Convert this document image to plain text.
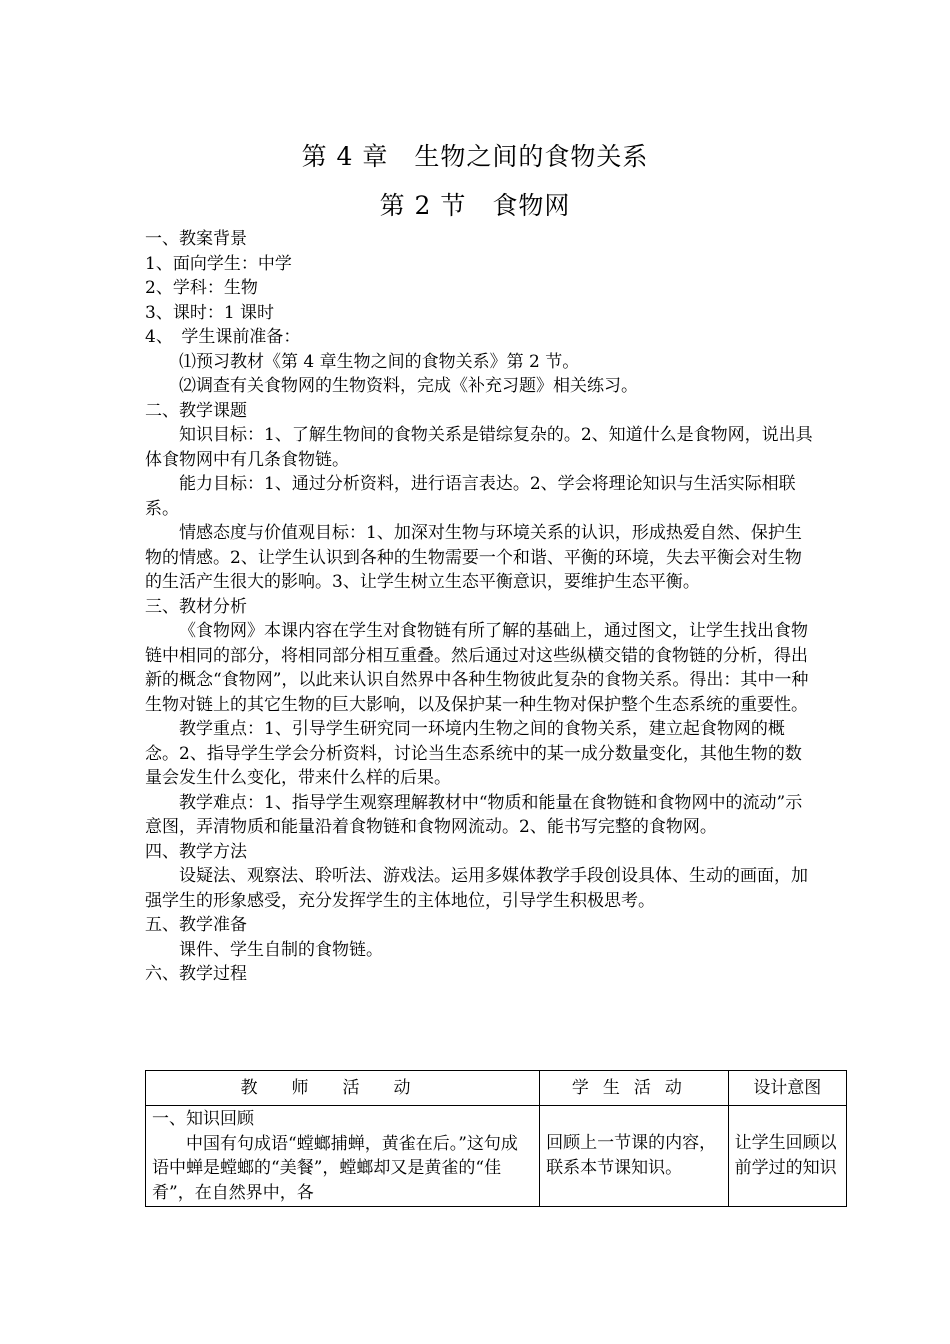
第 4 章　生物之间的食物关系
第 2 节　食物网

一、教案背景

1、面向学生：中学

2、学科：生物

3、课时：1 课时

4、　学生课前准备：

⑴预习教材《第 4 章生物之间的食物关系》第 2 节。

⑵调查有关食物网的生物资料，完成《补充习题》相关练习。

二、教学课题

知识目标：1、了解生物间的食物关系是错综复杂的。2、知道什么是食物网，说出具体食物网中有几条食物链。

能力目标：1、通过分析资料，进行语言表达。2、学会将理论知识与生活实际相联系。

情感态度与价值观目标：1、加深对生物与环境关系的认识，形成热爱自然、保护生物的情感。2、让学生认识到各种的生物需要一个和谐、平衡的环境，失去平衡会对生物的生活产生很大的影响。3、让学生树立生态平衡意识，要维护生态平衡。

三、教材分析

《食物网》本课内容在学生对食物链有所了解的基础上，通过图文，让学生找出食物链中相同的部分，将相同部分相互重叠。然后通过对这些纵横交错的食物链的分析，得出新的概念“食物网”，以此来认识自然界中各种生物彼此复杂的食物关系。得出：其中一种生物对链上的其它生物的巨大影响，以及保护某一种生物对保护整个生态系统的重要性。

教学重点：1、引导学生研究同一环境内生物之间的食物关系，建立起食物网的概念。2、指导学生学会分析资料，讨论当生态系统中的某一成分数量变化，其他生物的数量会发生什么变化，带来什么样的后果。

教学难点：1、指导学生观察理解教材中“物质和能量在食物链和食物网中的流动”示意图，弄清物质和能量沿着食物链和食物网流动。2、能书写完整的食物网。

四、教学方法

设疑法、观察法、聆听法、游戏法。运用多媒体教学手段创设具体、生动的画面，加强学生的形象感受，充分发挥学生的主体地位，引导学生积极思考。

五、教学准备

课件、学生自制的食物链。

六、教学过程

教师活动	学生活动	设计意图

一、知识回顾
中国有句成语“螳螂捕蝉，黄雀在后。”这句成语中蝉是螳螂的“美餐”，螳螂却又是黄雀的“佳肴”，在自然界中，各	回顾上一节课的内容，联系本节课知识。	让学生回顾以前学过的知识
